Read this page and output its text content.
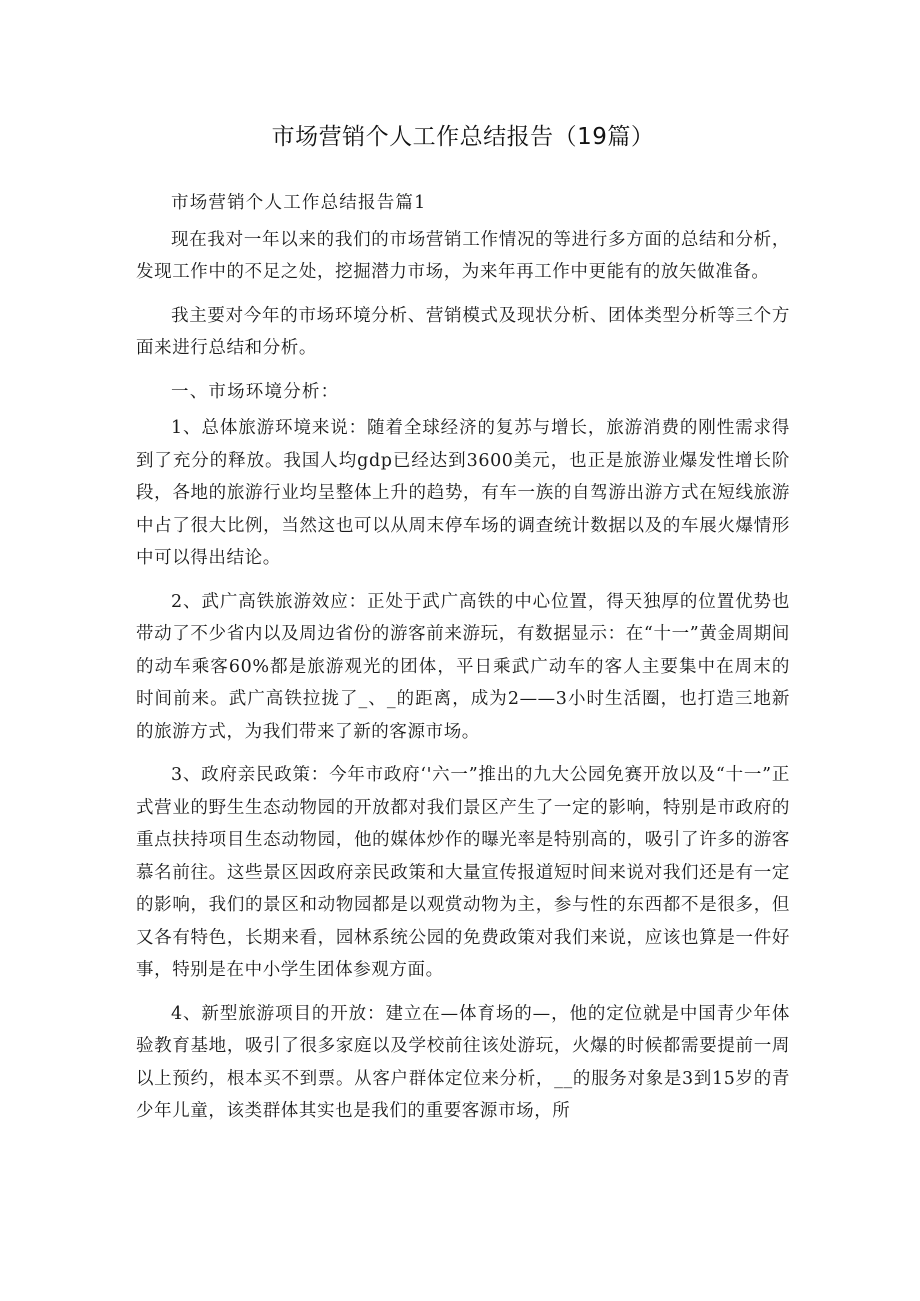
市场营销个人工作总结报告（19篇）

市场营销个人工作总结报告篇1

现在我对一年以来的我们的市场营销工作情况的等进行多方面的总结和分析，发现工作中的不足之处，挖掘潜力市场，为来年再工作中更能有的放矢做准备。

我主要对今年的市场环境分析、营销模式及现状分析、团体类型分析等三个方面来进行总结和分析。

一、市场环境分析：

1、总体旅游环境来说：随着全球经济的复苏与增长，旅游消费的刚性需求得到了充分的释放。我国人均gdp已经达到3600美元，也正是旅游业爆发性增长阶段，各地的旅游行业均呈整体上升的趋势，有车一族的自驾游出游方式在短线旅游中占了很大比例，当然这也可以从周末停车场的调查统计数据以及的车展火爆情形中可以得出结论。

2、武广高铁旅游效应：正处于武广高铁的中心位置，得天独厚的位置优势也带动了不少省内以及周边省份的游客前来游玩，有数据显示：在“十一”黄金周期间的动车乘客60%都是旅游观光的团体，平日乘武广动车的客人主要集中在周末的时间前来。武广高铁拉拢了_、_的距离，成为2——3小时生活圈，也打造三地新的旅游方式，为我们带来了新的客源市场。

3、政府亲民政策：今年市政府‘'六一”推出的九大公园免赛开放以及“十一”正式营业的野生生态动物园的开放都对我们景区产生了一定的影响，特别是市政府的重点扶持项目生态动物园，他的媒体炒作的曝光率是特别高的，吸引了许多的游客慕名前往。这些景区因政府亲民政策和大量宣传报道短时间来说对我们还是有一定的影响，我们的景区和动物园都是以观赏动物为主，参与性的东西都不是很多，但又各有特色，长期来看，园林系统公园的免费政策对我们来说，应该也算是一件好事，特别是在中小学生团体参观方面。

4、新型旅游项目的开放：建立在—体育场的—，他的定位就是中国青少年体验教育基地，吸引了很多家庭以及学校前往该处游玩，火爆的时候都需要提前一周以上预约，根本买不到票。从客户群体定位来分析，__的服务对象是3到15岁的青少年儿童，该类群体其实也是我们的重要客源市场，所
